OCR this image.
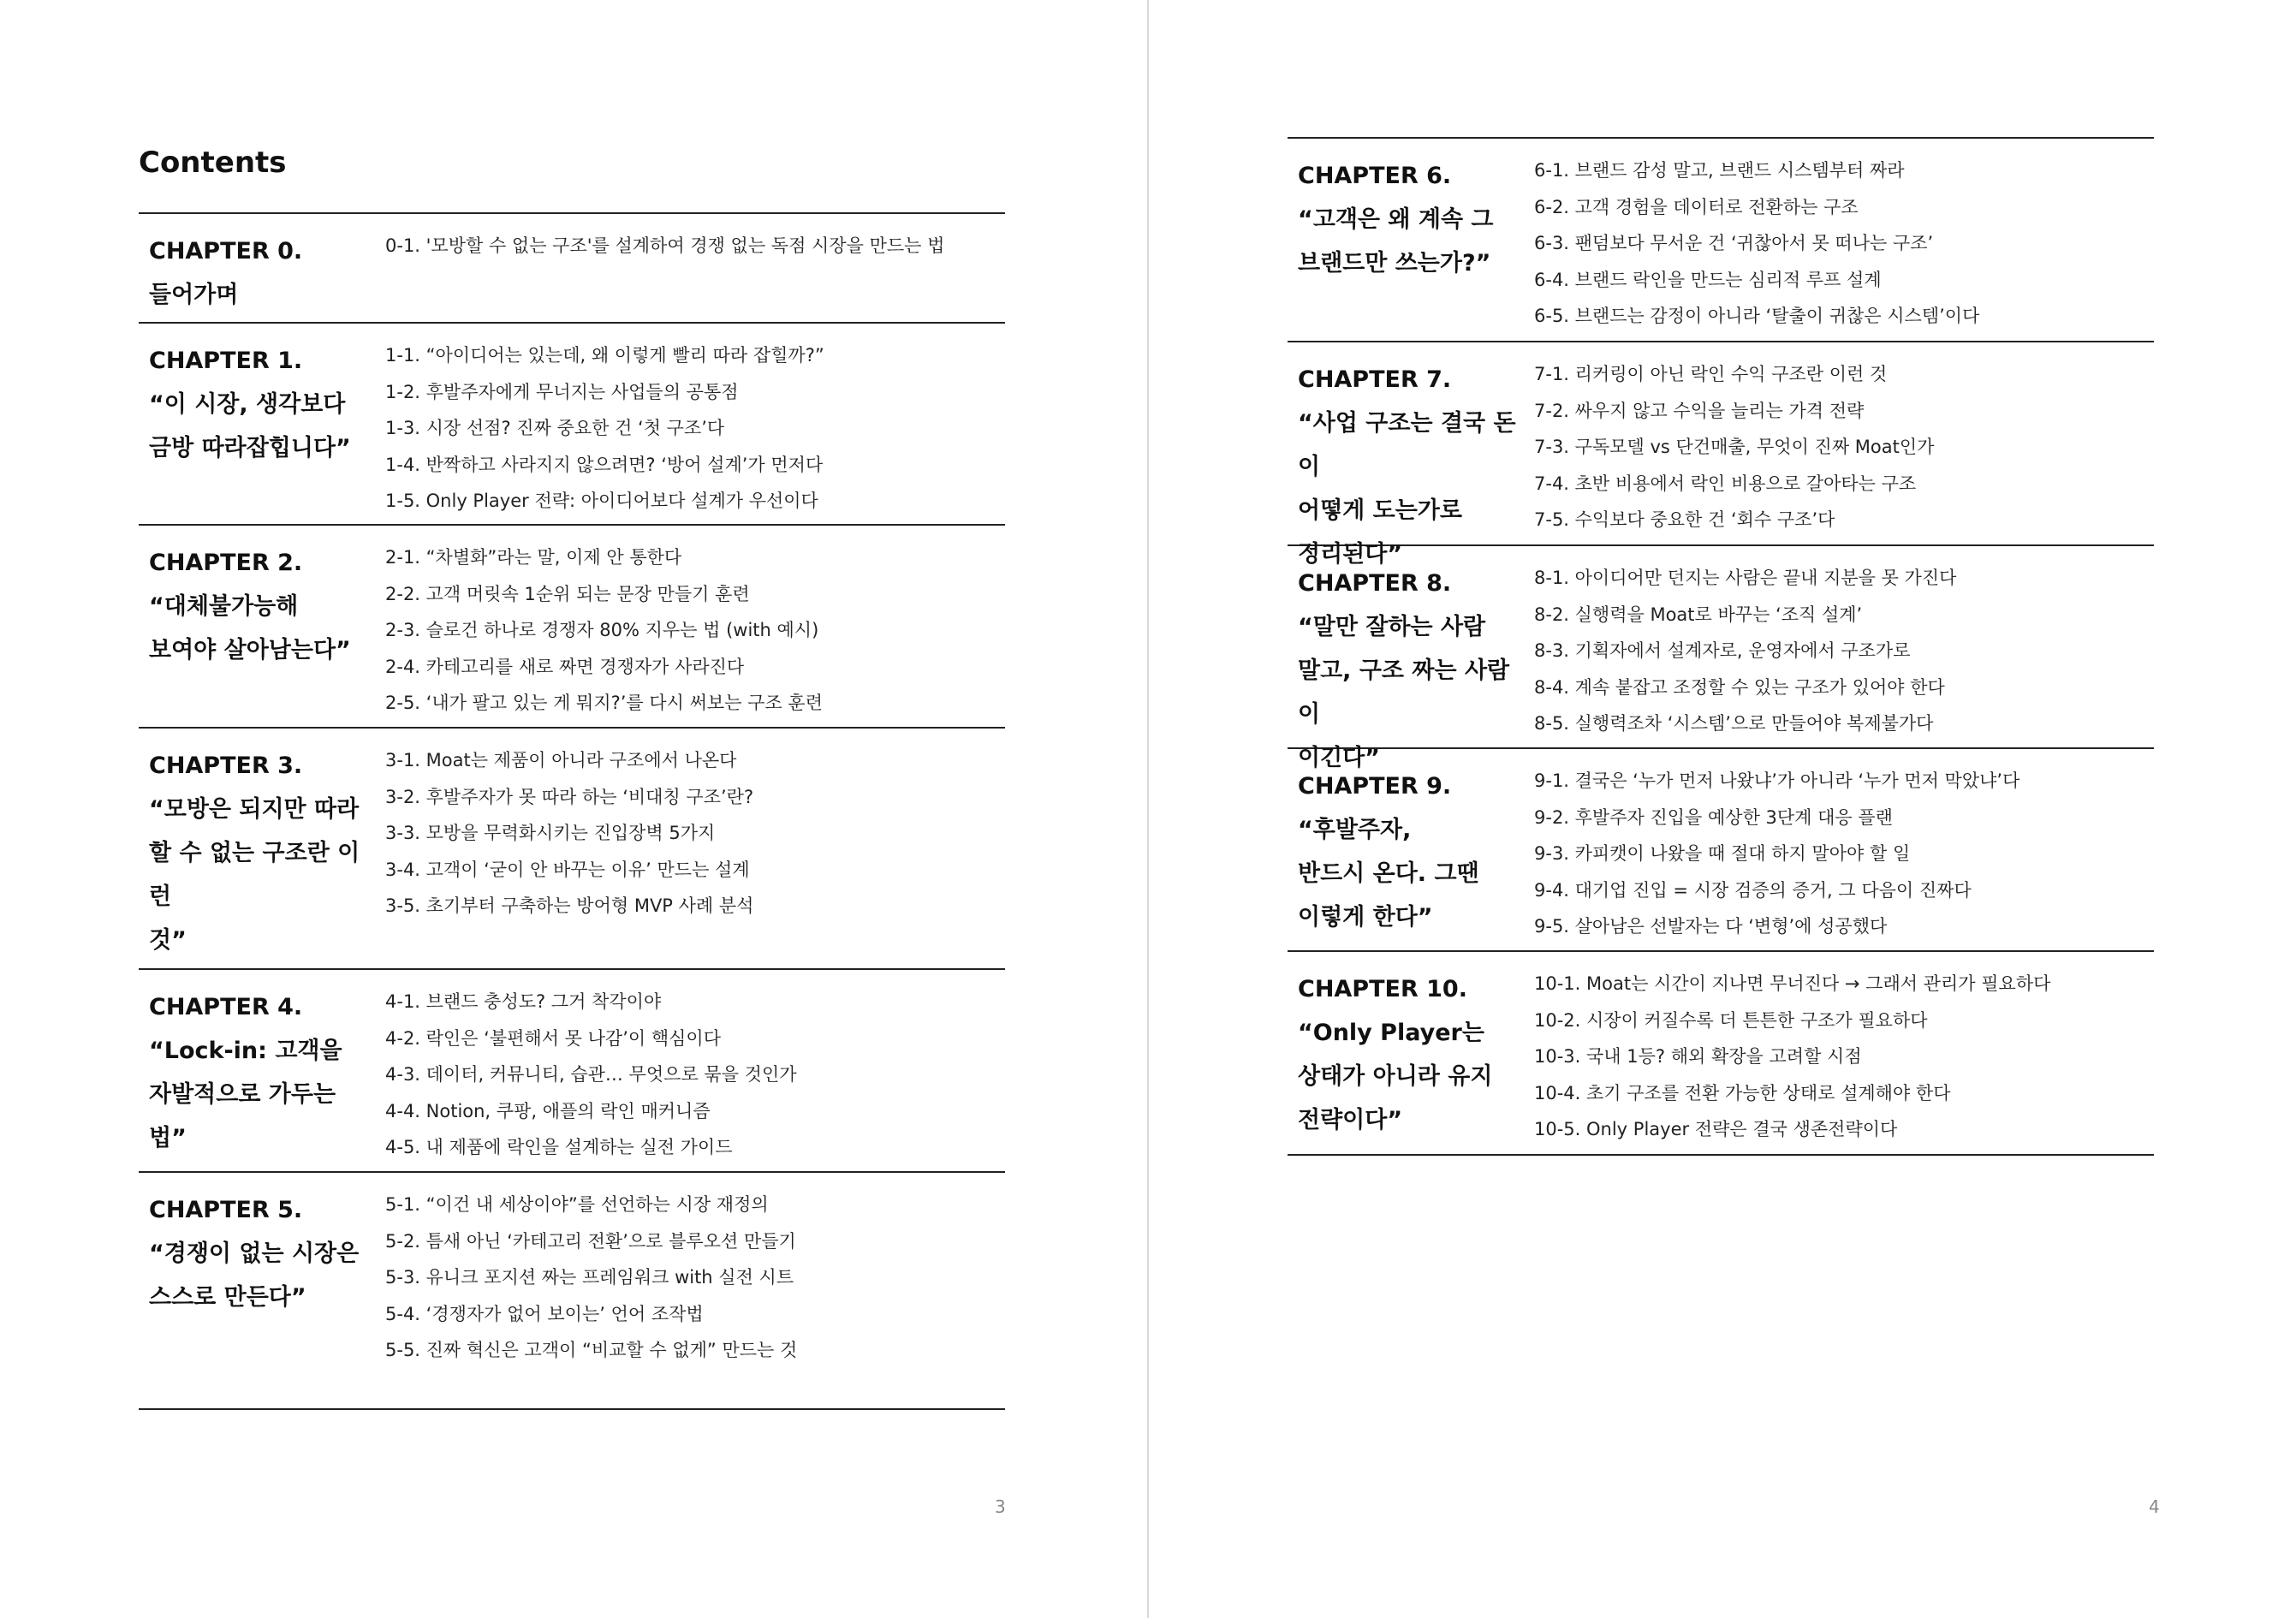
Contents
CHAPTER 0.
들어가며
0-1. '모방할 수 없는 구조'를 설계하여 경쟁 없는 독점 시장을 만드는 법
CHAPTER 1.
“이 시장, 생각보다
금방 따라잡힙니다”
1-1. “아이디어는 있는데, 왜 이렇게 빨리 따라 잡힐까?”
1-2. 후발주자에게 무너지는 사업들의 공통점
1-3. 시장 선점? 진짜 중요한 건 ‘첫 구조’다
1-4. 반짝하고 사라지지 않으려면? ‘방어 설계’가 먼저다
1-5. Only Player 전략: 아이디어보다 설계가 우선이다
CHAPTER 2.
“대체불가능해
보여야 살아남는다”
2-1. “차별화”라는 말, 이제 안 통한다
2-2. 고객 머릿속 1순위 되는 문장 만들기 훈련
2-3. 슬로건 하나로 경쟁자 80% 지우는 법 (with 예시)
2-4. 카테고리를 새로 짜면 경쟁자가 사라진다
2-5. ‘내가 팔고 있는 게 뭐지?’를 다시 써보는 구조 훈련
CHAPTER 3.
“모방은 되지만 따라
할 수 없는 구조란 이런
것”
3-1. Moat는 제품이 아니라 구조에서 나온다
3-2. 후발주자가 못 따라 하는 ‘비대칭 구조’란?
3-3. 모방을 무력화시키는 진입장벽 5가지
3-4. 고객이 ‘굳이 안 바꾸는 이유’ 만드는 설계
3-5. 초기부터 구축하는 방어형 MVP 사례 분석
CHAPTER 4.
“Lock-in: 고객을
자발적으로 가두는 법”
4-1. 브랜드 충성도? 그거 착각이야
4-2. 락인은 ‘불편해서 못 나감’이 핵심이다
4-3. 데이터, 커뮤니티, 습관… 무엇으로 묶을 것인가
4-4. Notion, 쿠팡, 애플의 락인 매커니즘
4-5. 내 제품에 락인을 설계하는 실전 가이드
CHAPTER 5.
“경쟁이 없는 시장은
스스로 만든다”
5-1. “이건 내 세상이야”를 선언하는 시장 재정의
5-2. 틈새 아닌 ‘카테고리 전환’으로 블루오션 만들기
5-3. 유니크 포지션 짜는 프레임워크 with 실전 시트
5-4. ‘경쟁자가 없어 보이는’ 언어 조작법
5-5. 진짜 혁신은 고객이 “비교할 수 없게” 만드는 것
3
CHAPTER 6.
“고객은 왜 계속 그
브랜드만 쓰는가?”
6-1. 브랜드 감성 말고, 브랜드 시스템부터 짜라
6-2. 고객 경험을 데이터로 전환하는 구조
6-3. 팬덤보다 무서운 건 ‘귀찮아서 못 떠나는 구조’
6-4. 브랜드 락인을 만드는 심리적 루프 설계
6-5. 브랜드는 감정이 아니라 ‘탈출이 귀찮은 시스템’이다
CHAPTER 7.
“사업 구조는 결국 돈이
어떻게 도는가로
정리된다”
7-1. 리커링이 아닌 락인 수익 구조란 이런 것
7-2. 싸우지 않고 수익을 늘리는 가격 전략
7-3. 구독모델 vs 단건매출, 무엇이 진짜 Moat인가
7-4. 초반 비용에서 락인 비용으로 갈아타는 구조
7-5. 수익보다 중요한 건 ‘회수 구조’다
CHAPTER 8.
“말만 잘하는 사람
말고, 구조 짜는 사람이
이긴다”
8-1. 아이디어만 던지는 사람은 끝내 지분을 못 가진다
8-2. 실행력을 Moat로 바꾸는 ‘조직 설계’
8-3. 기획자에서 설계자로, 운영자에서 구조가로
8-4. 계속 붙잡고 조정할 수 있는 구조가 있어야 한다
8-5. 실행력조차 ‘시스템’으로 만들어야 복제불가다
CHAPTER 9.
“후발주자,
반드시 온다. 그땐
이렇게 한다”
9-1. 결국은 ‘누가 먼저 나왔냐’가 아니라 ‘누가 먼저 막았냐’다
9-2. 후발주자 진입을 예상한 3단계 대응 플랜
9-3. 카피캣이 나왔을 때 절대 하지 말아야 할 일
9-4. 대기업 진입 = 시장 검증의 증거, 그 다음이 진짜다
9-5. 살아남은 선발자는 다 ‘변형’에 성공했다
CHAPTER 10.
“Only Player는
상태가 아니라 유지
전략이다”
10-1. Moat는 시간이 지나면 무너진다 → 그래서 관리가 필요하다
10-2. 시장이 커질수록 더 튼튼한 구조가 필요하다
10-3. 국내 1등? 해외 확장을 고려할 시점
10-4. 초기 구조를 전환 가능한 상태로 설계해야 한다
10-5. Only Player 전략은 결국 생존전략이다
4
